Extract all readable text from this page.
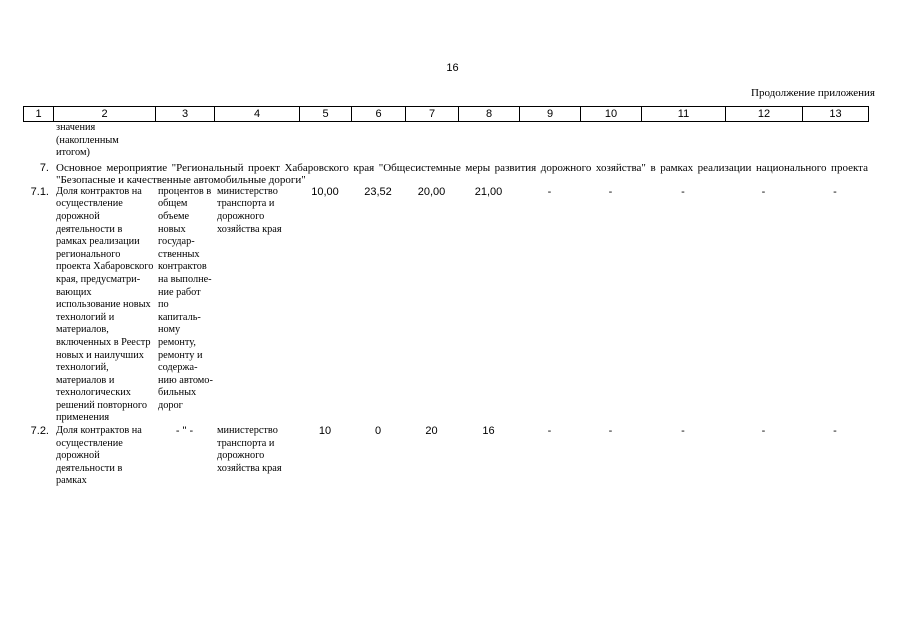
16
Продолжение приложения
1	2	3	4	5	6	7	8	9	10	11	12	13
	значения (накопленным итогом)											
7.	Основное мероприятие "Региональный проект Хабаровского края "Общесистемные меры развития дорожного хозяйства" в рамках реализации национального проекта "Безопасные и качественные автомобильные дороги"											
7.1.	Доля контрактов на осуществление дорожной деятельности в рамках реализации регионального проекта Хабаровского края, предусматри-вающих использование новых технологий и материалов, включенных в Реестр новых и наилучших технологий, материалов и технологических решений повторного применения	процентов в общем объеме новых государ-ственных контрактов на выполне-ние работ по капиталь-ному ремонту, ремонту и содержа-нию автомо-бильных дорог	министерство транспорта и дорожного хозяйства края	10,00	23,52	20,00	21,00	-	-	-	-	-
7.2.	Доля контрактов на осуществление дорожной деятельности в рамках	- " -	министерство транспорта и дорожного хозяйства края	10	0	20	16	-	-	-	-	-
